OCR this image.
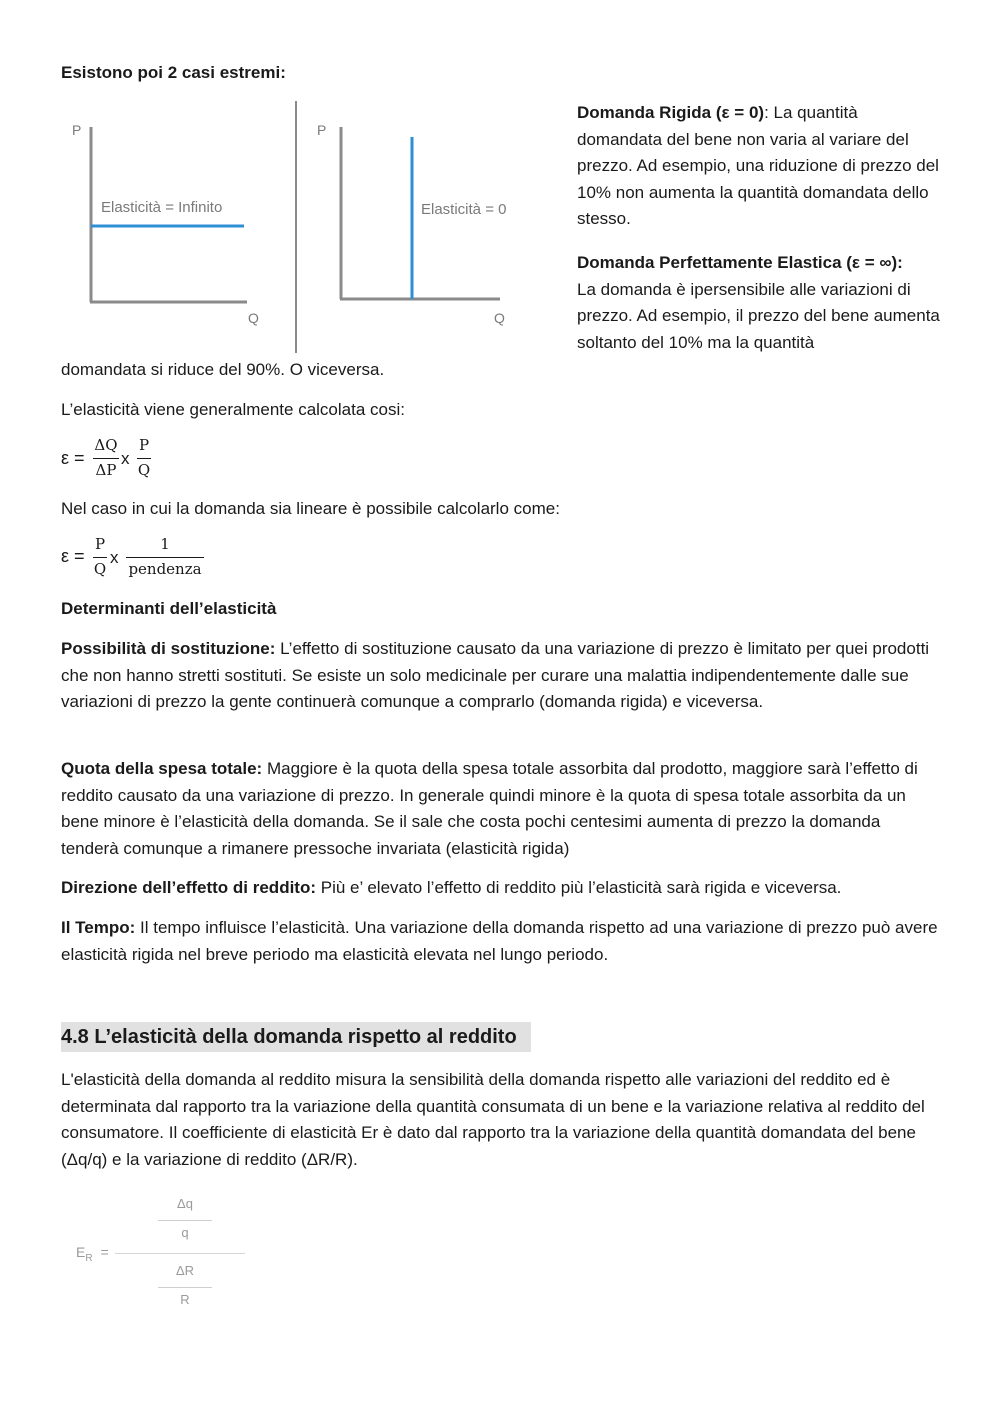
Esistono poi 2 casi estremi:
P
Elasticità = Infinito
Q
P
Elasticità = 0
Q
Domanda Rigida (ε = 0): La quantità domandata del bene non varia al variare del prezzo. Ad esempio, una riduzione di prezzo del 10% non aumenta la quantità domandata dello stesso.
Domanda Perfettamente Elastica (ε = ∞):
La domanda è ipersensibile alle variazioni di prezzo. Ad esempio, il prezzo del bene aumenta soltanto del 10% ma la quantità
domandata si riduce del 90%. O viceversa.
L’elasticità viene generalmente calcolata cosi:
ε =
ΔQ
ΔP
x
P
Q
Nel caso in cui la domanda sia lineare è possibile calcolarlo come:
ε =
P
Q
x
1
pendenza
Determinanti dell’elasticità
Possibilità di sostituzione: L’effetto di sostituzione causato da una variazione di prezzo è limitato per quei prodotti che non hanno stretti sostituti. Se esiste un solo medicinale per curare una malattia indipendentemente dalle sue variazioni di prezzo la gente continuerà comunque a comprarlo (domanda rigida) e viceversa.
Quota della spesa totale: Maggiore è la quota della spesa totale assorbita dal prodotto, maggiore sarà l’effetto di reddito causato da una variazione di prezzo. In generale quindi minore è la quota di spesa totale assorbita da un bene minore è l’elasticità della domanda. Se il sale che costa pochi centesimi aumenta di prezzo la domanda tenderà comunque a rimanere pressoche invariata (elasticità rigida)
Direzione dell’effetto di reddito: Più e’ elevato l’effetto di reddito più l’elasticità sarà rigida e viceversa.
Il Tempo: Il tempo influisce l’elasticità. Una variazione della domanda rispetto ad una variazione di prezzo può avere elasticità rigida nel breve periodo ma elasticità elevata nel lungo periodo.
4.8 L’elasticità della domanda rispetto al reddito
L'elasticità della domanda al reddito misura la sensibilità della domanda rispetto alle variazioni del reddito ed è determinata dal rapporto tra la variazione della quantità consumata di un bene e la variazione relativa al reddito del consumatore. Il coefficiente di elasticità Er è dato dal rapporto tra la variazione della quantità domandata del bene (Δq/q) e la variazione di reddito (ΔR/R).
$E_R$ =
Δq
q
ΔR
R
